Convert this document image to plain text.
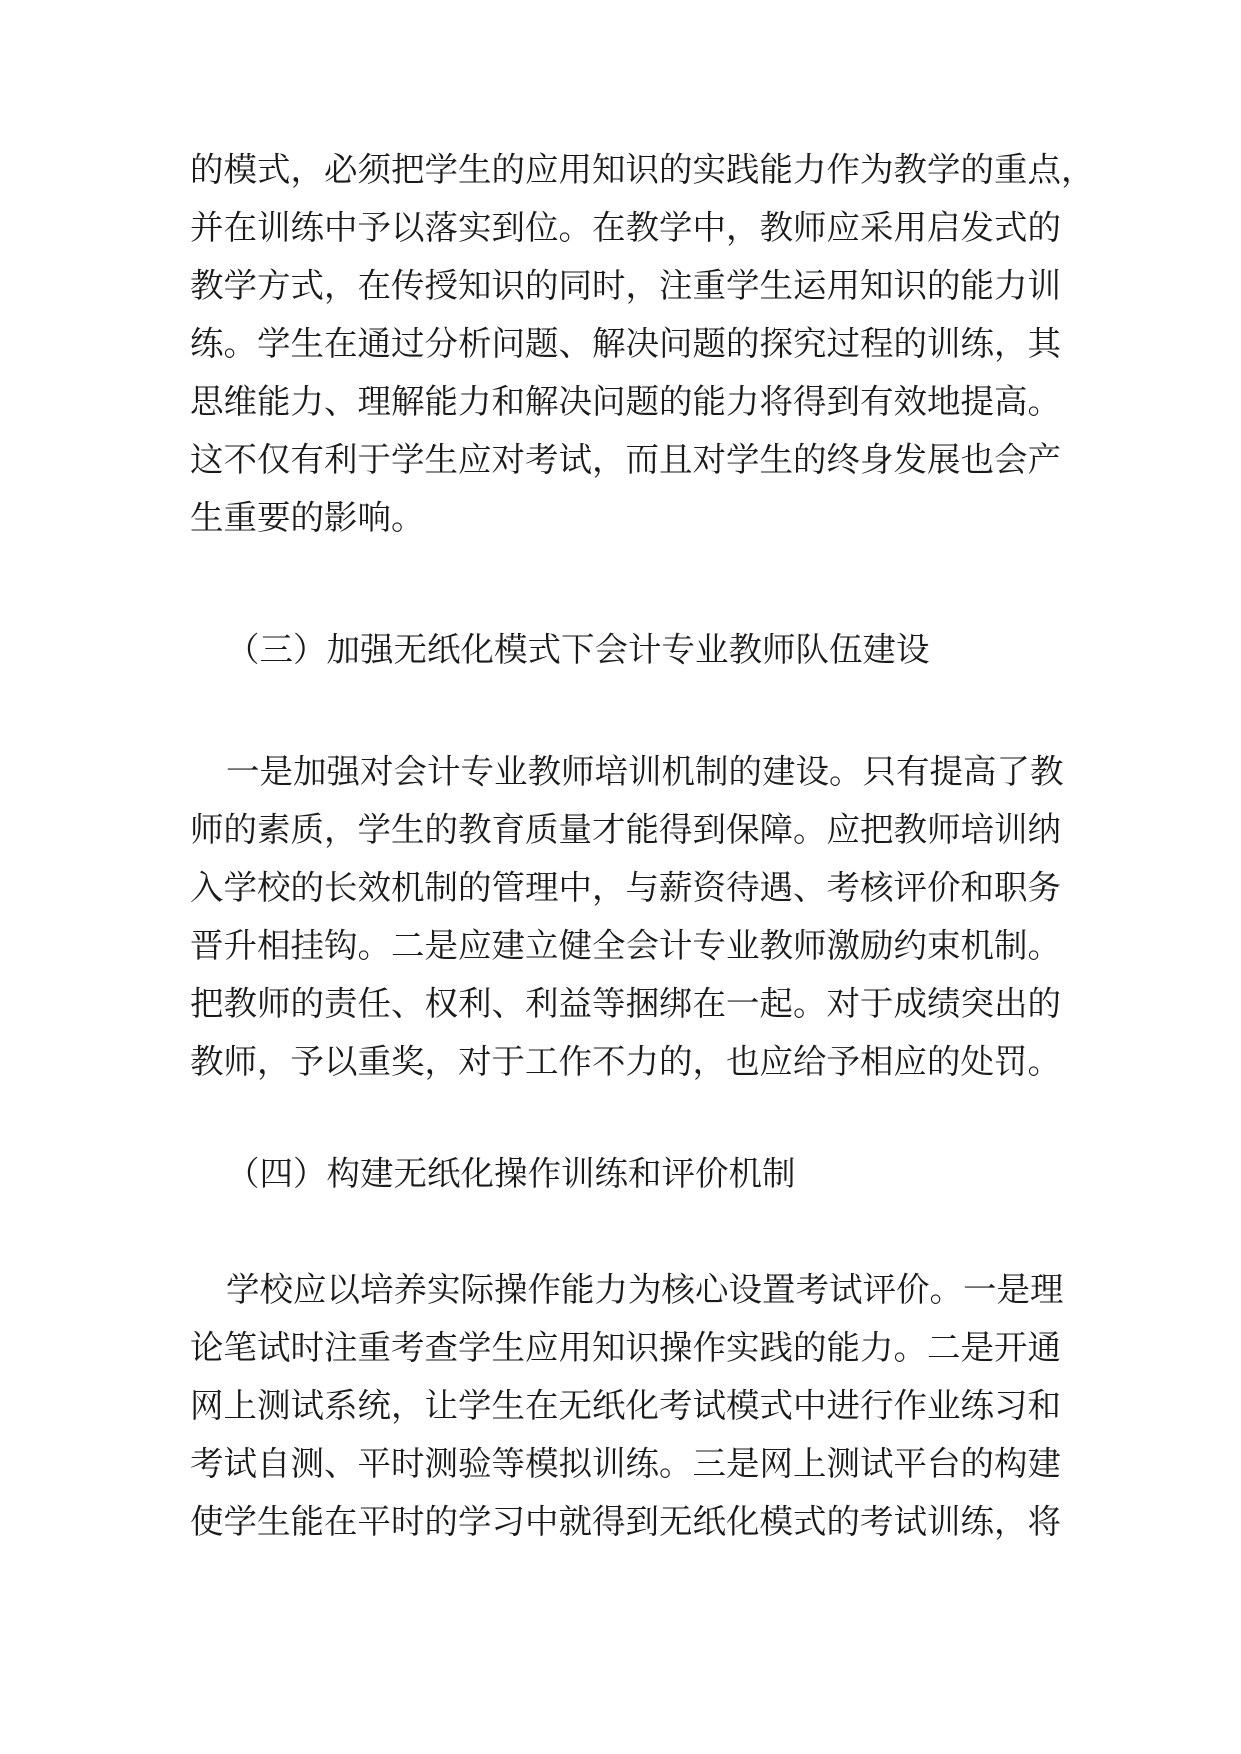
的模式，必须把学生的应用知识的实践能力作为教学的重点，

并在训练中予以落实到位。在教学中，教师应采用启发式的

教学方式，在传授知识的同时，注重学生运用知识的能力训

练。学生在通过分析问题、解决问题的探究过程的训练，其

思维能力、理解能力和解决问题的能力将得到有效地提高。

这不仅有利于学生应对考试，而且对学生的终身发展也会产

生重要的影响。

（三）加强无纸化模式下会计专业教师队伍建设

一是加强对会计专业教师培训机制的建设。只有提高了教

师的素质，学生的教育质量才能得到保障。应把教师培训纳

入学校的长效机制的管理中，与薪资待遇、考核评价和职务

晋升相挂钩。二是应建立健全会计专业教师激励约束机制。

把教师的责任、权利、利益等捆绑在一起。对于成绩突出的

教师，予以重奖，对于工作不力的，也应给予相应的处罚。

（四）构建无纸化操作训练和评价机制

学校应以培养实际操作能力为核心设置考试评价。一是理

论笔试时注重考查学生应用知识操作实践的能力。二是开通

网上测试系统，让学生在无纸化考试模式中进行作业练习和

考试自测、平时测验等模拟训练。三是网上测试平台的构建

使学生能在平时的学习中就得到无纸化模式的考试训练，将
